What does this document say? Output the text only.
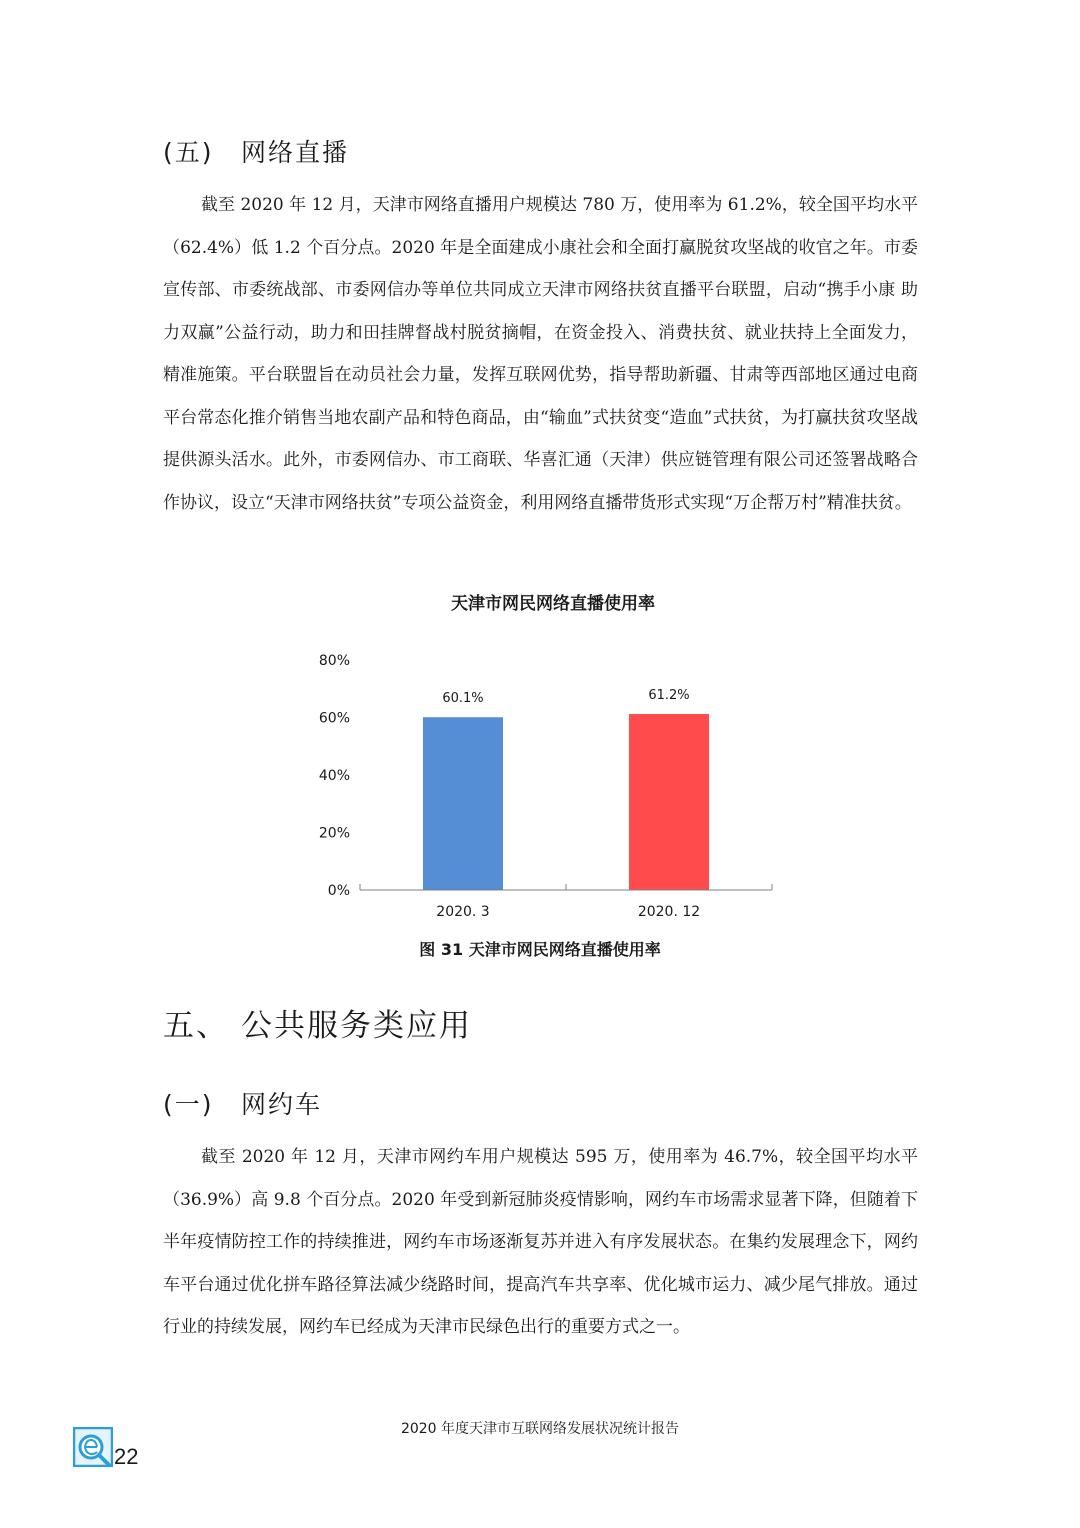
(五) 网络直播

截至 2020 年 12 月，天津市网络直播用户规模达 780 万，使用率为 61.2%，较全国平均水平（62.4%）低 1.2 个百分点。2020 年是全面建成小康社会和全面打赢脱贫攻坚战的收官之年。市委宣传部、市委统战部、市委网信办等单位共同成立天津市网络扶贫直播平台联盟，启动“携手小康 助力双赢”公益行动，助力和田挂牌督战村脱贫摘帽，在资金投入、消费扶贫、就业扶持上全面发力，精准施策。平台联盟旨在动员社会力量，发挥互联网优势，指导帮助新疆、甘肃等西部地区通过电商平台常态化推介销售当地农副产品和特色商品，由“输血”式扶贫变“造血”式扶贫，为打赢扶贫攻坚战提供源头活水。此外，市委网信办、市工商联、华喜汇通（天津）供应链管理有限公司还签署战略合作协议，设立“天津市网络扶贫”专项公益资金，利用网络直播带货形式实现“万企帮万村”精准扶贫。

天津市网民网络直播使用率
0%
20%
40%
60%
80%
60.1%	61.2%
2020. 3	2020. 12

图 31 天津市网民网络直播使用率

五、 公共服务类应用
(一) 网约车

截至 2020 年 12 月，天津市网约车用户规模达 595 万，使用率为 46.7%，较全国平均水平（36.9%）高 9.8 个百分点。2020 年受到新冠肺炎疫情影响，网约车市场需求显著下降，但随着下半年疫情防控工作的持续推进，网约车市场逐渐复苏并进入有序发展状态。在集约发展理念下，网约车平台通过优化拼车路径算法减少绕路时间，提高汽车共享率、优化城市运力、减少尾气排放。通过行业的持续发展，网约车已经成为天津市民绿色出行的重要方式之一。

2020 年度天津市互联网络发展状况统计报告
22
